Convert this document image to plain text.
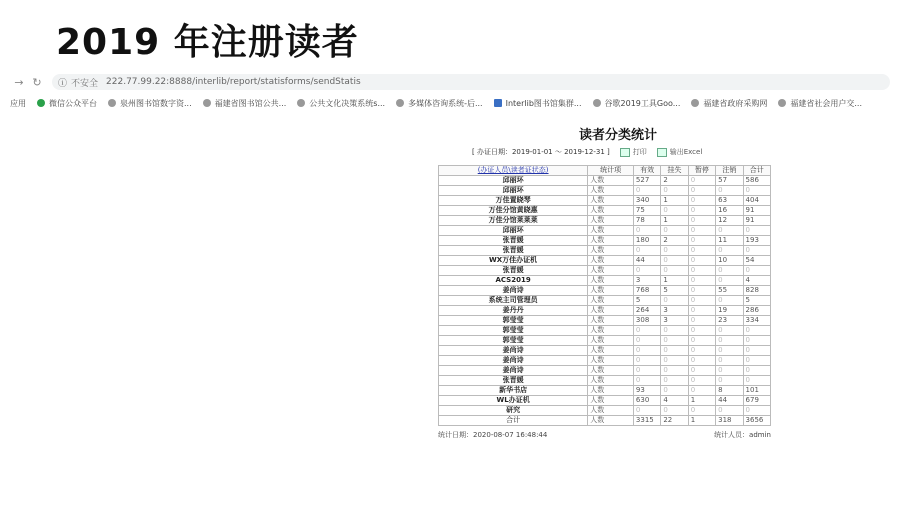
2019 年注册读者
→ ↻	ⓘ 不安全 222.77.99.22:8888/interlib/report/statisforms/sendStatis
应用	微信公众平台	泉州图书馆数字资...	福建省图书馆公共...	公共文化决策系统s...	多媒体咨询系统-后...	Interlib图书馆集群...	谷歌2019工具Goo...	福建省政府采购网	福建省社会用户交...
读者分类统计
[ 办证日期：2019-01-01 ～ 2019-12-31 ]	打印	输出Excel
(办证人员\读者证状态)	统计项	有效	挂失	暂停	注销	合计
邱丽环	人数	527	2	0	57	586
邱丽环	人数	0	0	0	0	0
万佳置晓琴	人数	340	1	0	63	404
万佳分馆黄晓惠	人数	75	0	0	16	91
万佳分馆莱莱莱	人数	78	1	0	12	91
邱丽环	人数	0	0	0	0	0
张晋媛	人数	180	2	0	11	193
张晋媛	人数	0	0	0	0	0
WX万佳办证机	人数	44	0	0	10	54
张晋媛	人数	0	0	0	0	0
ACS2019	人数	3	1	0	0	4
姜尚诗	人数	768	5	0	55	828
系统主司管理员	人数	5	0	0	0	5
姜丹丹	人数	264	3	0	19	286
郭莹莹	人数	308	3	0	23	334
郭莹莹	人数	0	0	0	0	0
郭莹莹	人数	0	0	0	0	0
姜尚诗	人数	0	0	0	0	0
姜尚诗	人数	0	0	0	0	0
姜尚诗	人数	0	0	0	0	0
张晋媛	人数	0	0	0	0	0
新华书店	人数	93	0	0	8	101
WL办证机	人数	630	4	1	44	679
研究	人数	0	0	0	0	0
合计	人数	3315	22	1	318	3656
统计日期：2020-08-07 16:48:44	统计人员：admin
